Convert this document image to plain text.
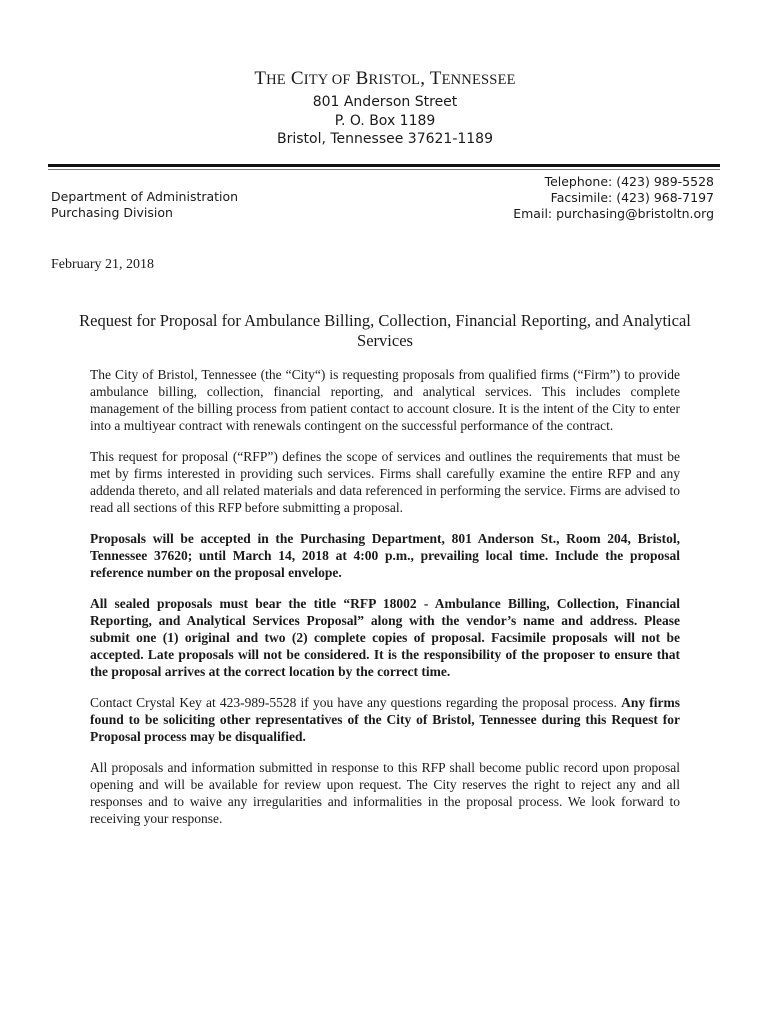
THE CITY OF BRISTOL, TENNESSEE
801 Anderson Street
P. O. Box 1189
Bristol, Tennessee 37621-1189
Department of Administration
Purchasing Division
Telephone: (423) 989-5528
Facsimile: (423) 968-7197
Email: purchasing@bristoltn.org
February 21, 2018
Request for Proposal for Ambulance Billing, Collection, Financial Reporting, and Analytical Services

The City of Bristol, Tennessee (the “City“) is requesting proposals from qualified firms (“Firm”) to provide ambulance billing, collection, financial reporting, and analytical services. This includes complete management of the billing process from patient contact to account closure. It is the intent of the City to enter into a multiyear contract with renewals contingent on the successful performance of the contract.

This request for proposal (“RFP”) defines the scope of services and outlines the requirements that must be met by firms interested in providing such services. Firms shall carefully examine the entire RFP and any addenda thereto, and all related materials and data referenced in performing the service. Firms are advised to read all sections of this RFP before submitting a proposal.

Proposals will be accepted in the Purchasing Department, 801 Anderson St., Room 204, Bristol, Tennessee 37620; until March 14, 2018 at 4:00 p.m., prevailing local time. Include the proposal reference number on the proposal envelope.

All sealed proposals must bear the title “RFP 18002 - Ambulance Billing, Collection, Financial Reporting, and Analytical Services Proposal” along with the vendor’s name and address. Please submit one (1) original and two (2) complete copies of proposal. Facsimile proposals will not be accepted. Late proposals will not be considered. It is the responsibility of the proposer to ensure that the proposal arrives at the correct location by the correct time.

Contact Crystal Key at 423-989-5528 if you have any questions regarding the proposal process. Any firms found to be soliciting other representatives of the City of Bristol, Tennessee during this Request for Proposal process may be disqualified.

All proposals and information submitted in response to this RFP shall become public record upon proposal opening and will be available for review upon request. The City reserves the right to reject any and all responses and to waive any irregularities and informalities in the proposal process. We look forward to receiving your response.
